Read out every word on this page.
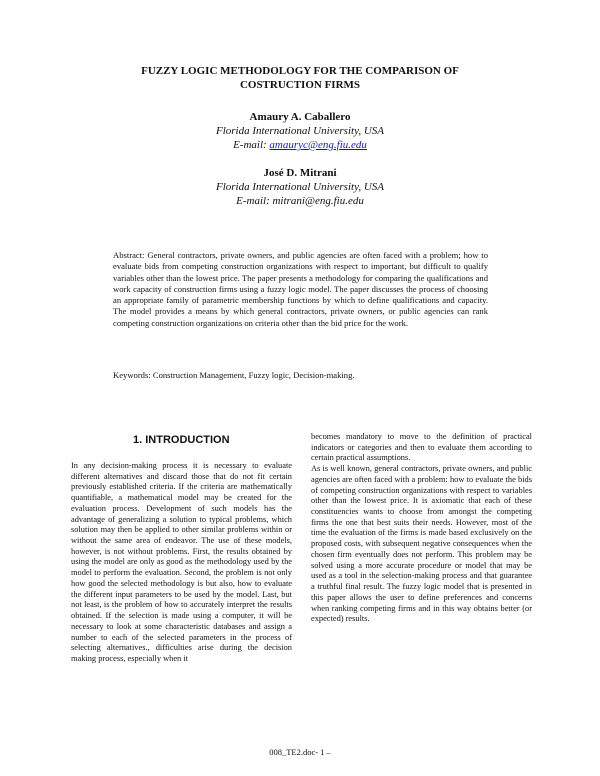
FUZZY LOGIC METHODOLOGY FOR THE COMPARISON OF
COSTRUCTION FIRMS
Amaury A. Caballero
Florida International University, USA
E-mail: amauryc@eng.fiu.edu
José D. Mitrani
Florida International University, USA
E-mail: mitrani@eng.fiu.edu

Abstract: General contractors, private owners, and public agencies are often faced with a problem; how to evaluate bids from competing construction organizations with respect to important, but difficult to qualify variables other than the lowest price. The paper presents a methodology for comparing the qualifications and work capacity of construction firms using a fuzzy logic model. The paper discusses the process of choosing an appropriate family of parametric membership functions by which to define qualifications and capacity. The model provides a means by which general contractors, private owners, or public agencies can rank competing construction organizations on criteria other than the bid price for the work.

Keywords: Construction Management, Fuzzy logic, Decision-making.

1. INTRODUCTION

In any decision-making process it is necessary to evaluate different alternatives and discard those that do not fit certain previously established criteria. If the criteria are mathematically quantifiable, a mathematical model may be created for the evaluation process. Development of such models has the advantage of generalizing a solution to typical problems, which solution may then be applied to other similar problems within or without the same area of endeavor. The use of these models, however, is not without problems. First, the results obtained by using the model are only as good as the methodology used by the model to perform the evaluation. Second, the problem is not only how good the selected methodology is but also, how to evaluate the different input parameters to be used by the model. Last, but not least, is the problem of how to accurately interpret the results obtained. If the selection is made using a computer, it will be necessary to look at some characteristic databases and assign a number to each of the selected parameters in the process of selecting alternatives., difficulties arise during the decision making process, especially when it

becomes mandatory to move to the definition of practical indicators or categories and then to evaluate them according to certain practical assumptions.

As is well known, general contractors, private owners, and public agencies are often faced with a problem: how to evaluate the bids of competing construction organizations with respect to variables other than the lowest price. It is axiomatic that each of these constituencies wants to choose from amongst the competing firms the one that best suits their needs. However, most of the time the evaluation of the firms is made based exclusively on the proposed costs, with subsequent negative consequences when the chosen firm eventually does not perform. This problem may be solved using a more accurate procedure or model that may be used as a tool in the selection-making process and that guarantee a truthful final result. The fuzzy logic model that is presented in this paper allows the user to define preferences and concerns when ranking competing firms and in this way obtains better (or expected) results.

008_TE2.doc- 1 –
